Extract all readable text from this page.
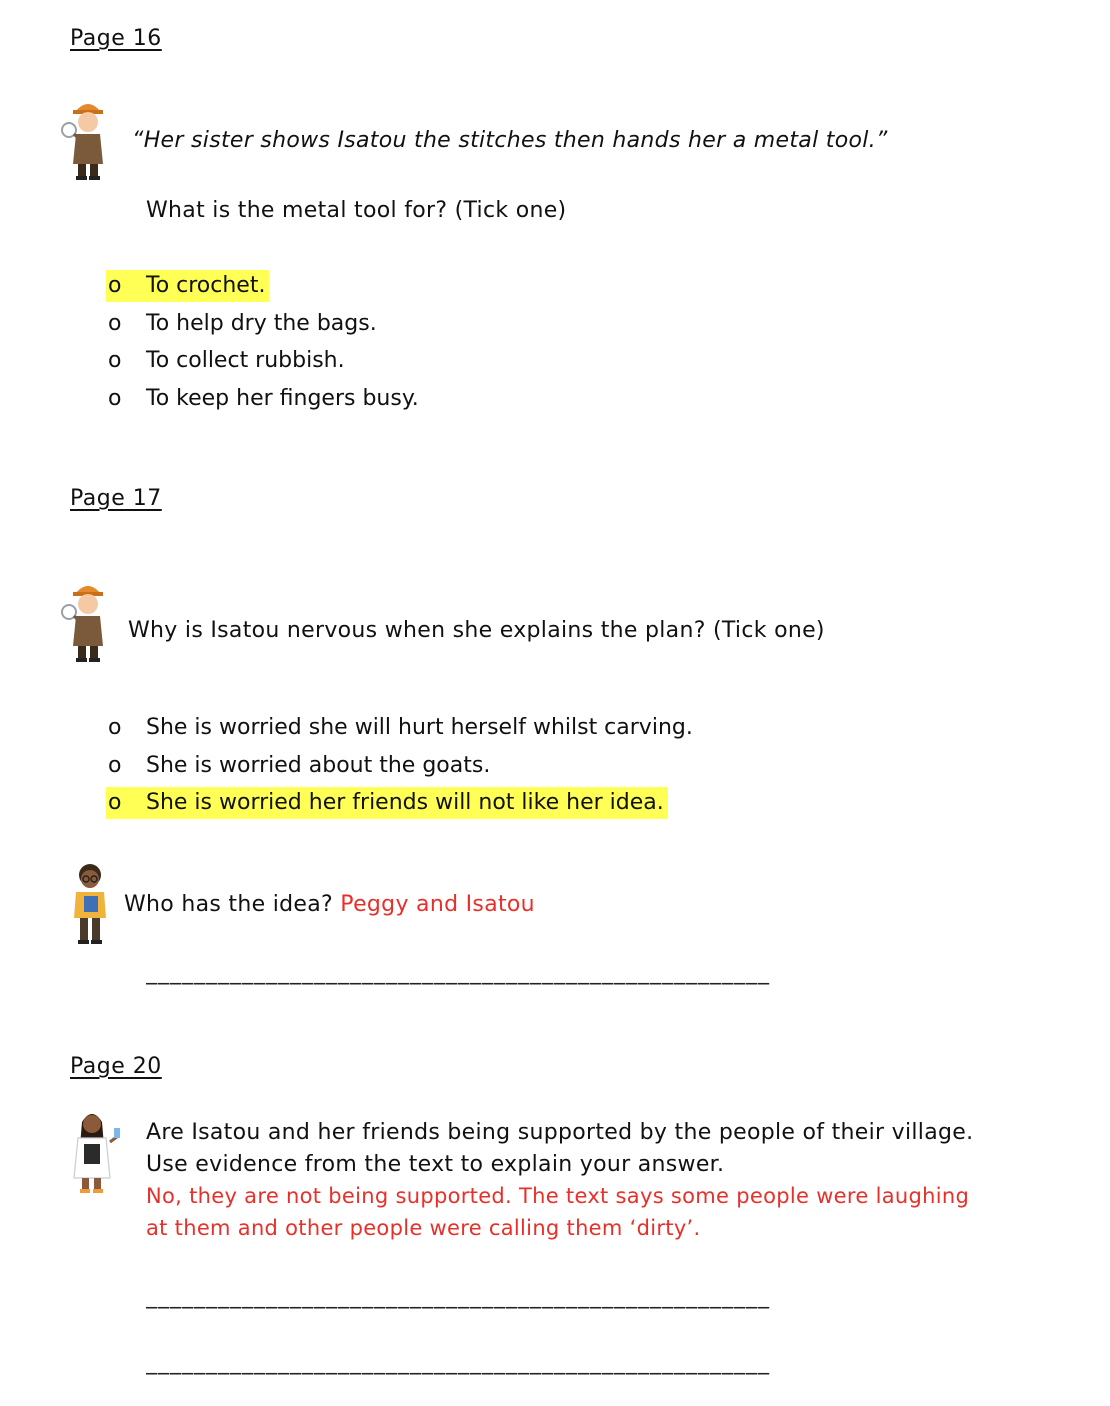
Page 16
“Her sister shows Isatou the stitches then hands her a metal tool.”
What is the metal tool for? (Tick one)
o To crochet.
o To help dry the bags.
o To collect rubbish.
o To keep her fingers busy.
Page 17
Why is Isatou nervous when she explains the plan? (Tick one)
o She is worried she will hurt herself whilst carving.
o She is worried about the goats.
o She is worried her friends will not like her idea.
Who has the idea? Peggy and Isatou
____________________________________________________
Page 20
Are Isatou and her friends being supported by the people of their village.
Use evidence from the text to explain your answer.
No, they are not being supported. The text says some people were laughing
at them and other people were calling them ‘dirty’.
____________________________________________________
____________________________________________________
